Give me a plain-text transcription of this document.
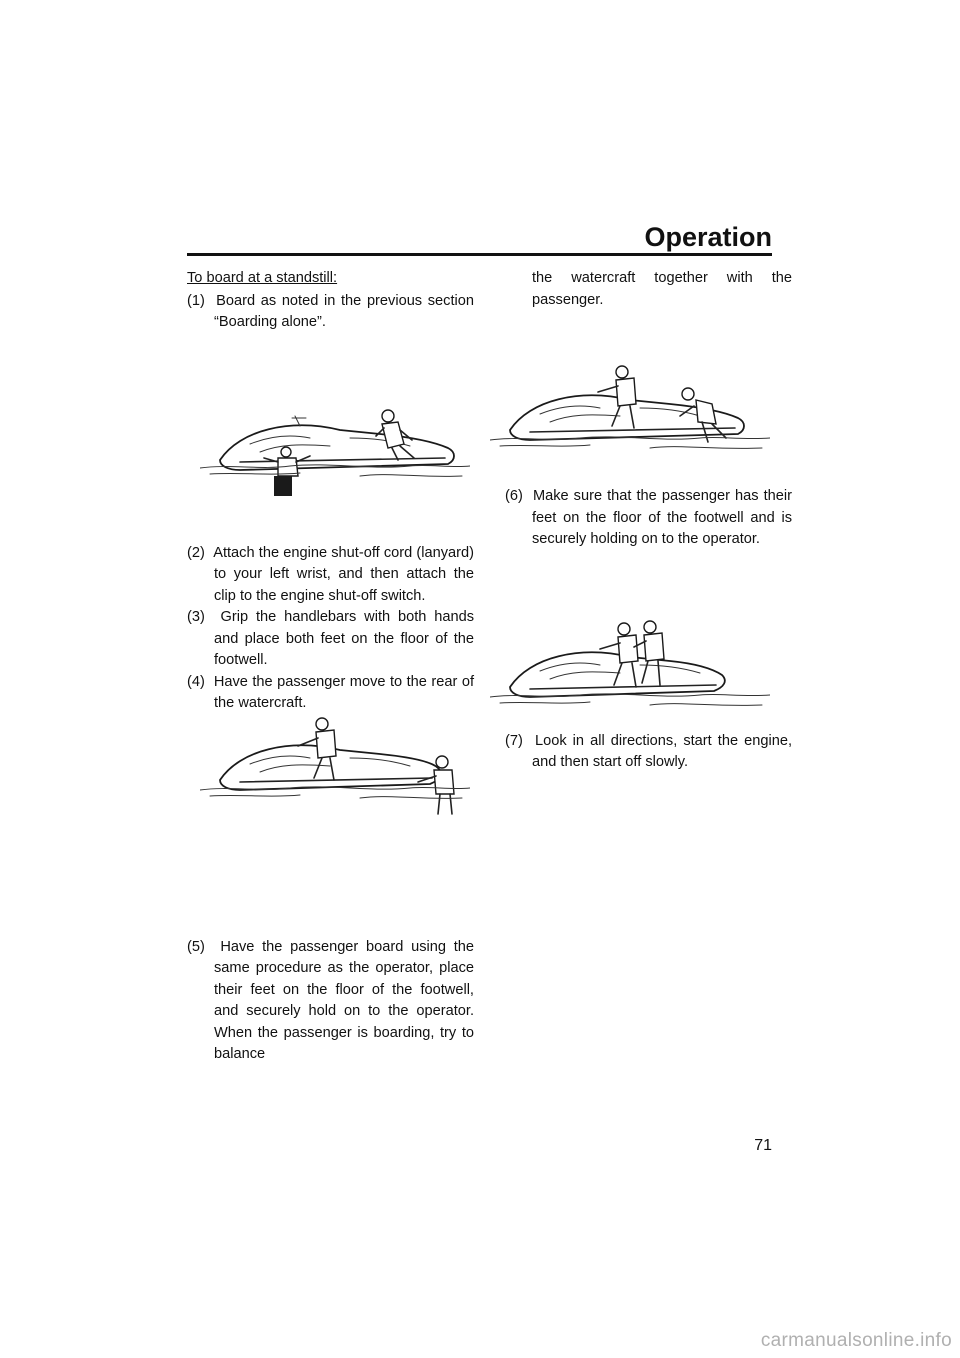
Operation

To board at a standstill:

(1) Board as noted in the previous section “Boarding alone”.

(2) Attach the engine shut-off cord (lanyard) to your left wrist, and then attach the clip to the engine shut-off switch.

(3) Grip the handlebars with both hands and place both feet on the floor of the footwell.

(4) Have the passenger move to the rear of the watercraft.

(5) Have the passenger board using the same procedure as the operator, place their feet on the floor of the footwell, and securely hold on to the operator. When the passenger is boarding, try to balance

the watercraft together with the passenger.

(6) Make sure that the passenger has their feet on the floor of the footwell and is securely holding on to the operator.

(7) Look in all directions, start the engine, and then start off slowly.

71
carmanualsonline.info
